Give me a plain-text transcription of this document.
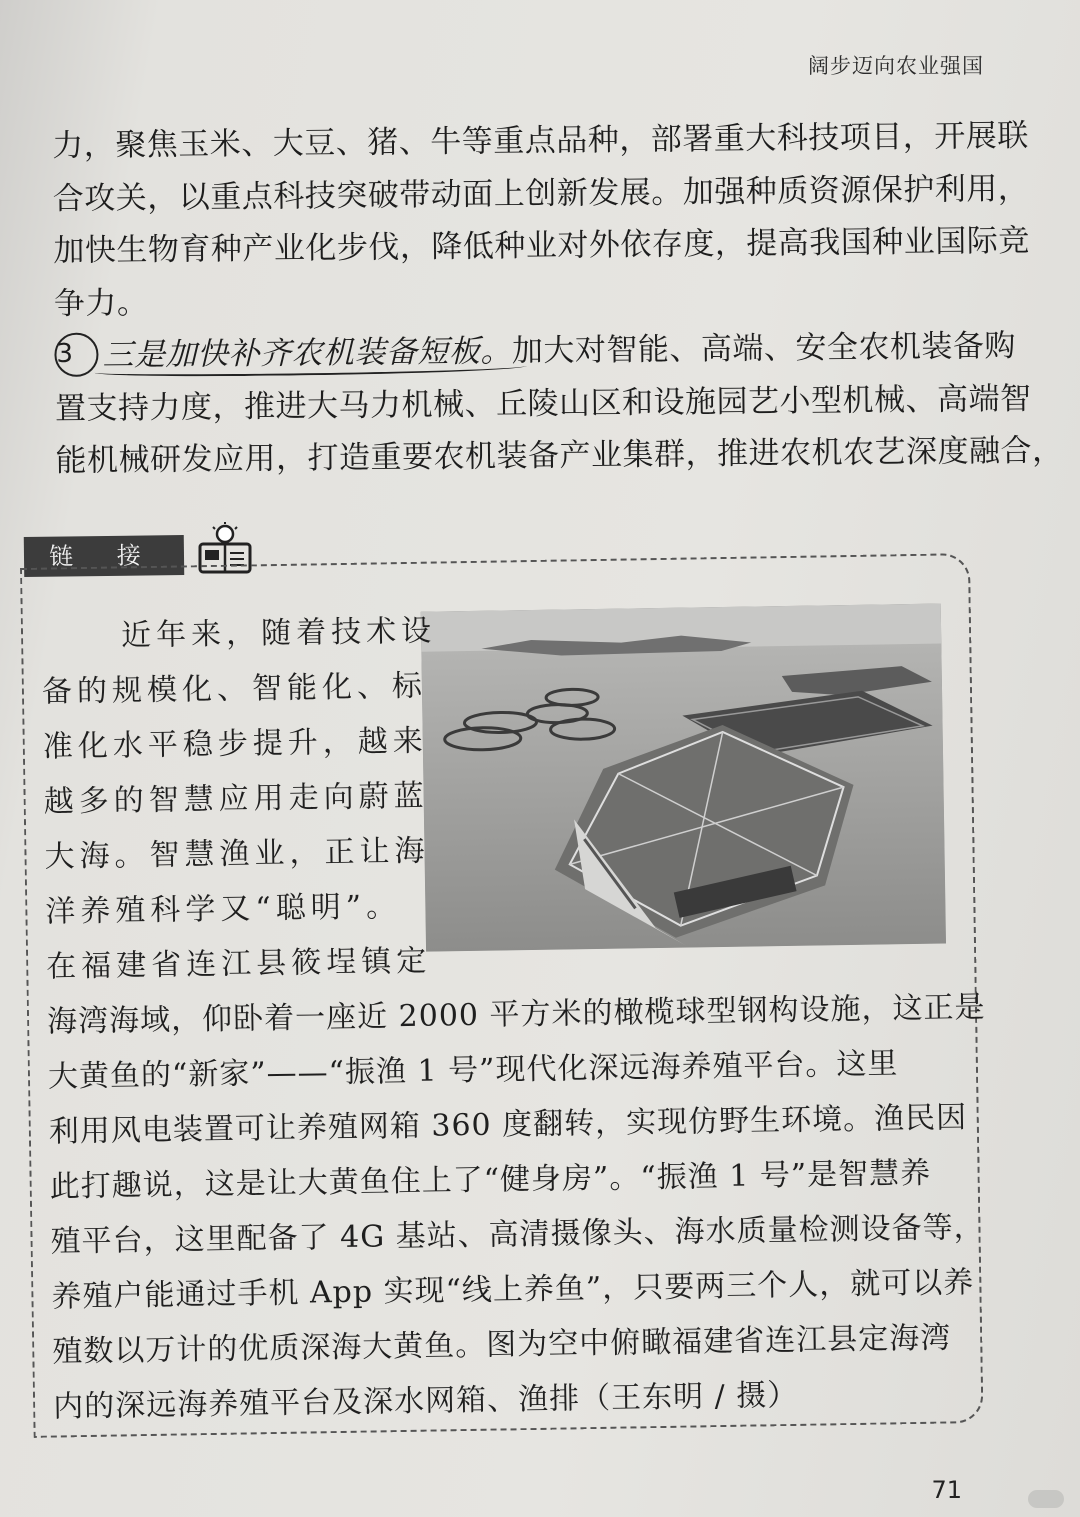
阔步迈向农业强国

力，聚焦玉米、大豆、猪、牛等重点品种，部署重大科技项目，开展联
合攻关，以重点科技突破带动面上创新发展。加强种质资源保护利用，
加快生物育种产业化步伐，降低种业对外依存度，提高我国种业国际竞
争力。

3 三是加快补齐农机装备短板。加大对智能、高端、安全农机装备购
置支持力度，推进大马力机械、丘陵山区和设施园艺小型机械、高端智
能机械研发应用，打造重要农机装备产业集群，推进农机农艺深度融合，

链 接
近年来，随着技术设
备的规模化、智能化、标
准化水平稳步提升，越来
越多的智慧应用走向蔚蓝
大海。智慧渔业，正让海
洋养殖科学又“聪明”。
在福建省连江县筱埕镇定
海湾海域，仰卧着一座近 2000 平方米的橄榄球型钢构设施，这正是
大黄鱼的“新家”——“振渔 1 号”现代化深远海养殖平台。这里
利用风电装置可让养殖网箱 360 度翻转，实现仿野生环境。渔民因
此打趣说，这是让大黄鱼住上了“健身房”。“振渔 1 号”是智慧养
殖平台，这里配备了 4G 基站、高清摄像头、海水质量检测设备等，
养殖户能通过手机 App 实现“线上养鱼”，只要两三个人，就可以养
殖数以万计的优质深海大黄鱼。图为空中俯瞰福建省连江县定海湾
内的深远海养殖平台及深水网箱、渔排（王东明 / 摄）
71
